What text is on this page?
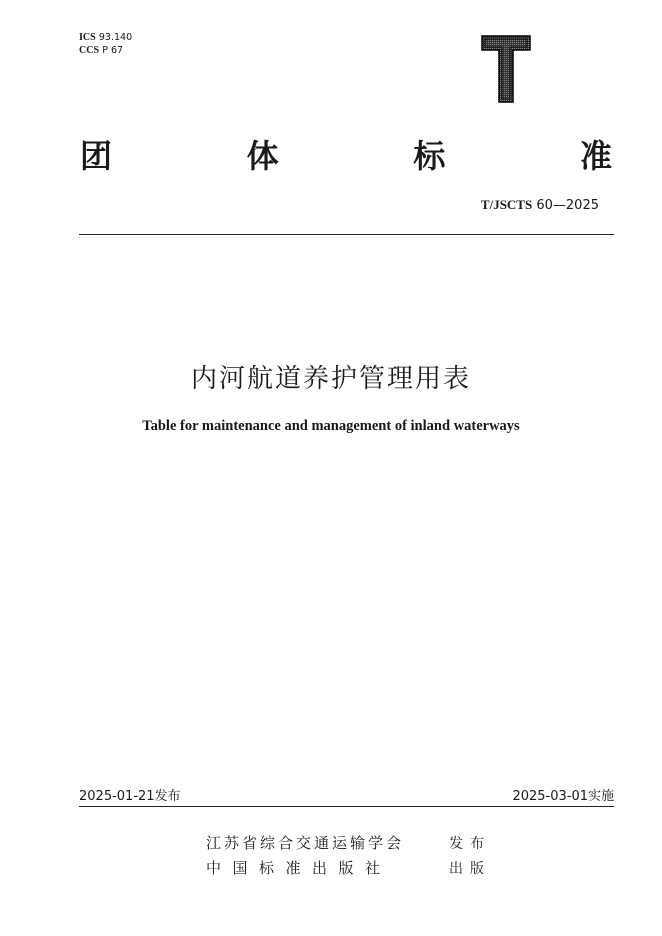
ICS 93.140
CCS P 67
T
团	体	标	准
T/JSCTS 60—2025
内河航道养护管理用表
Table for maintenance and management of inland waterways
2025-01-21发布	2025-03-01实施
江苏省综合交通运输学会	发布
中国标准出版社	出版
